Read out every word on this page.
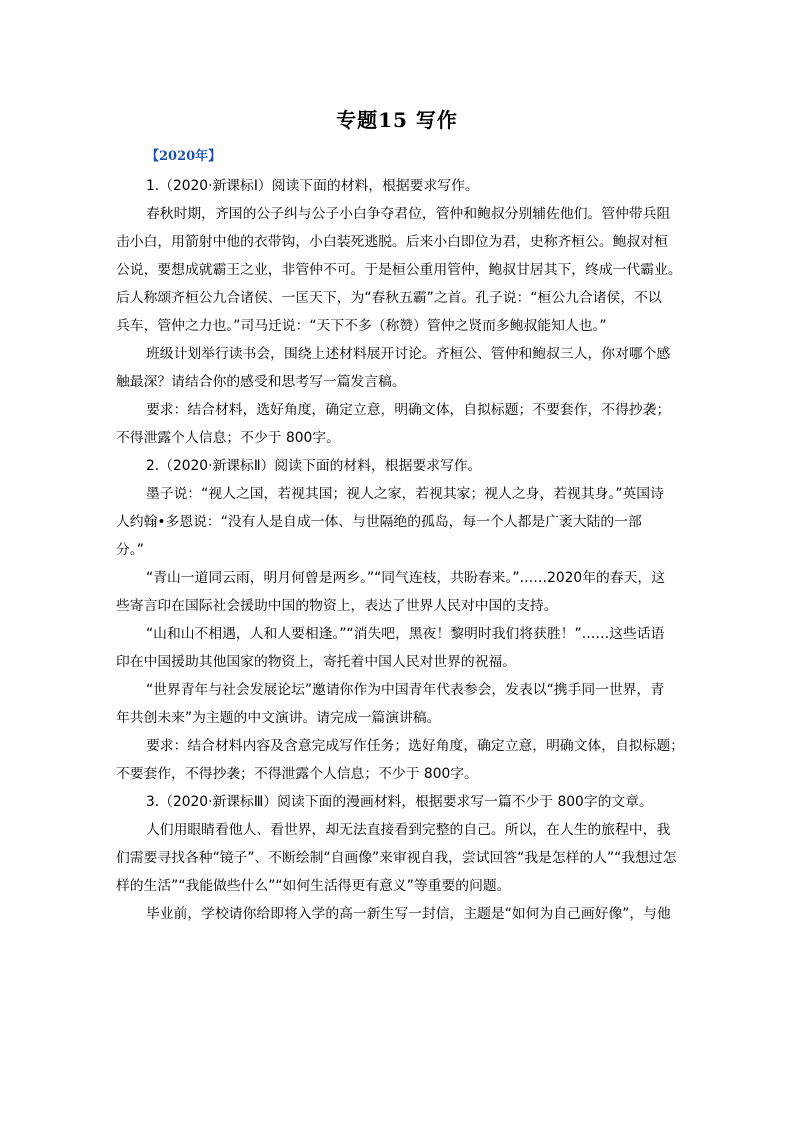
专题15 写作
【2020年】

1.（2020·新课标Ⅰ）阅读下面的材料，根据要求写作。

春秋时期，齐国的公子纠与公子小白争夺君位，管仲和鲍叔分别辅佐他们。管仲带兵阻
击小白，用箭射中他的衣带钩，小白装死逃脱。后来小白即位为君，史称齐桓公。鲍叔对桓
公说，要想成就霸王之业，非管仲不可。于是桓公重用管仲，鲍叔甘居其下，终成一代霸业。
后人称颂齐桓公九合诸侯、一匡天下，为“春秋五霸”之首。孔子说：“桓公九合诸侯，不以
兵车，管仲之力也。”司马迁说：“天下不多（称赞）管仲之贤而多鲍叔能知人也。”

班级计划举行读书会，围绕上述材料展开讨论。齐桓公、管仲和鲍叔三人，你对哪个感
触最深？请结合你的感受和思考写一篇发言稿。

要求：结合材料，选好角度，确定立意，明确文体，自拟标题；不要套作，不得抄袭；
不得泄露个人信息；不少于 800字。

2.（2020·新课标Ⅱ）阅读下面的材料，根据要求写作。

墨子说：“视人之国，若视其国；视人之家，若视其家；视人之身，若视其身。”英国诗
人约翰•多恩说：“没有人是自成一体、与世隔绝的孤岛，每一个人都是广袤大陆的一部
分。”

“青山一道同云雨，明月何曾是两乡。”“同气连枝，共盼春来。”……2020年的春天，这
些寄言印在国际社会援助中国的物资上，表达了世界人民对中国的支持。

“山和山不相遇，人和人要相逢。”“消失吧，黑夜！黎明时我们将获胜！”……这些话语
印在中国援助其他国家的物资上，寄托着中国人民对世界的祝福。

“世界青年与社会发展论坛”邀请你作为中国青年代表参会，发表以“携手同一世界，青
年共创未来”为主题的中文演讲。请完成一篇演讲稿。

要求：结合材料内容及含意完成写作任务；选好角度，确定立意，明确文体，自拟标题；
不要套作，不得抄袭；不得泄露个人信息；不少于 800字。

3.（2020·新课标Ⅲ）阅读下面的漫画材料，根据要求写一篇不少于 800字的文章。

人们用眼睛看他人、看世界，却无法直接看到完整的自己。所以，在人生的旅程中，我
们需要寻找各种“镜子”、不断绘制“自画像”来审视自我，尝试回答“我是怎样的人”“我想过怎
样的生活”“我能做些什么”“如何生活得更有意义”等重要的问题。

毕业前，学校请你给即将入学的高一新生写一封信，主题是“如何为自己画好像”，与他
